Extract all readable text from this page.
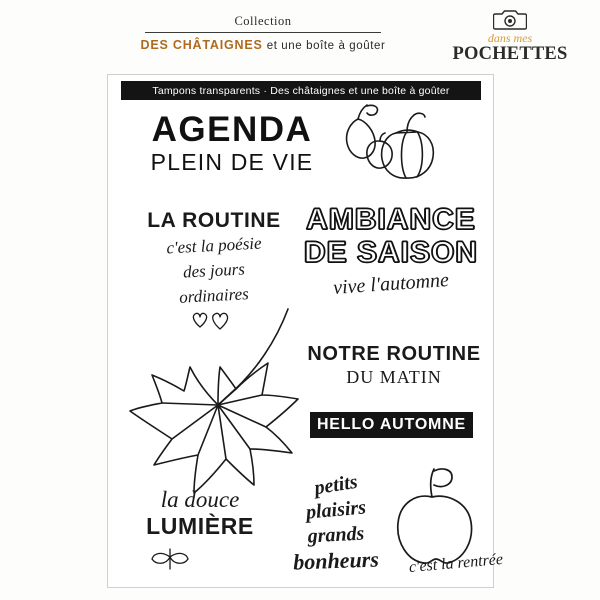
Collection
DES CHÂTAIGNES et une boîte à goûter
dans mes
POCHETTES
Tampons transparents · Des châtaignes et une boîte à goûter
AGENDA
PLEIN DE VIE
LA ROUTINE
c'est la poésie
des jours
ordinaires
AMBIANCE
DE SAISON
vive l'automne
NOTRE ROUTINE
DU MATIN
HELLO AUTOMNE
la douce
LUMIÈRE
petits
plaisirs
grands
bonheurs	c'est la rentrée
